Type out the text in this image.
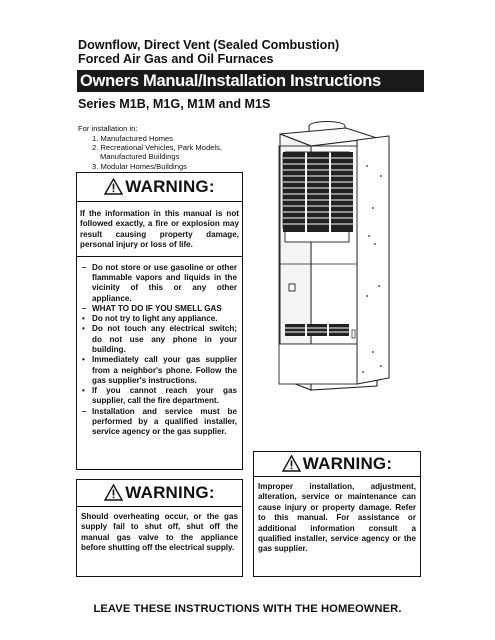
Downflow, Direct Vent (Sealed Combustion)
Forced Air Gas and Oil Furnaces
Owners Manual/Installation Instructions
Series M1B, M1G, M1M and M1S
For installation in:
1. Manufactured Homes
2. Recreational Vehicles, Park Models,
Manufactured Buildings
3. Modular Homes/Buildings
WARNING:
If the information in this manual is not followed exactly, a fire or explosion may result causing property damage, personal injury or loss of life.
– Do not store or use gasoline or other flammable vapors and liquids in the vicinity of this or any other appliance.
– WHAT TO DO IF YOU SMELL GAS
• Do not try to light any appliance.
• Do not touch any electrical switch; do not use any phone in your building.
• Immediately call your gas supplier from a neighbor's phone. Follow the gas supplier's instructions.
• If you cannot reach your gas supplier, call the fire department.
– Installation and service must be performed by a qualified installer, service agency or the gas supplier.
WARNING:
Should overheating occur, or the gas supply fail to shut off, shut off the manual gas valve to the appliance before shutting off the electrical supply.
WARNING:
Improper installation, adjustment, alteration, service or maintenance can cause injury or property damage. Refer to this manual. For assistance or additional information consult a qualified installer, service agency or the gas supplier.
LEAVE THESE INSTRUCTIONS WITH THE HOMEOWNER.
